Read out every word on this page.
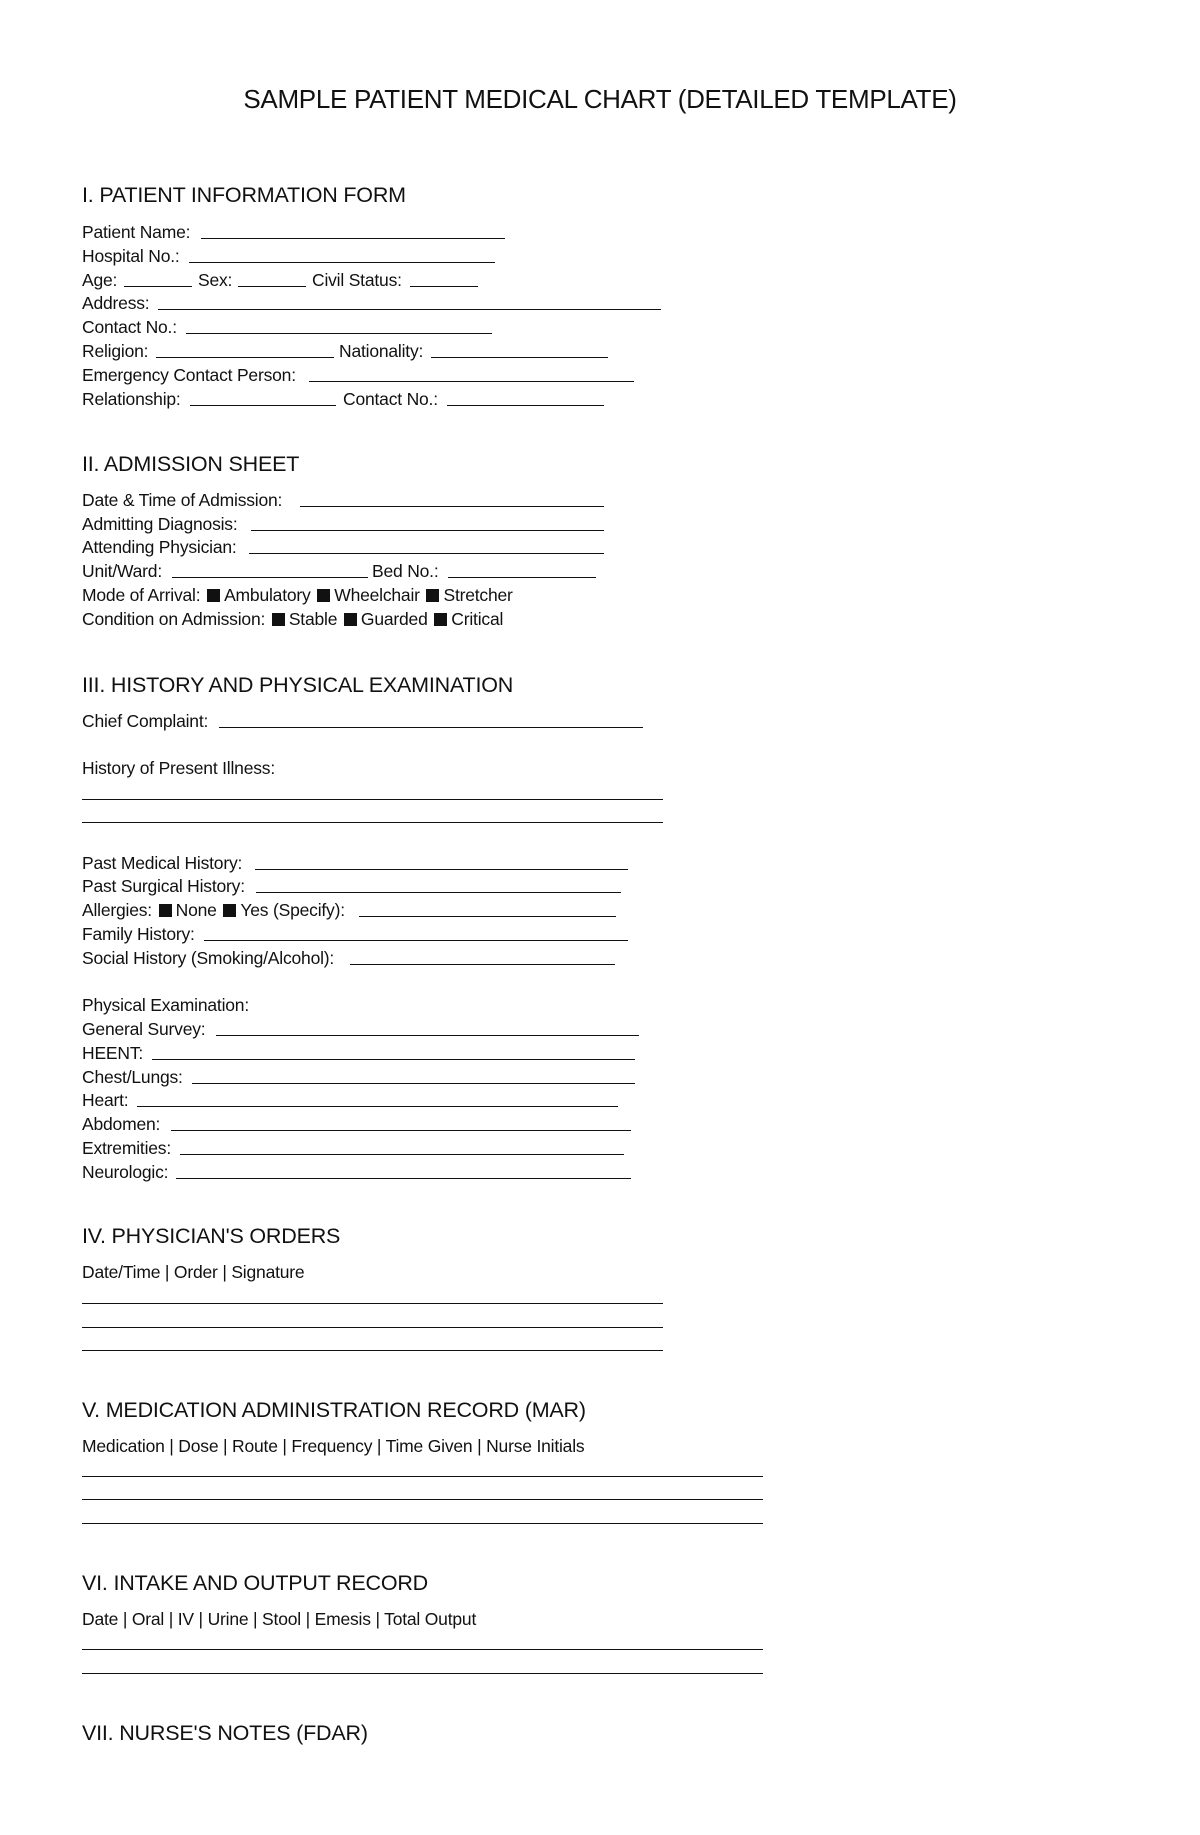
SAMPLE PATIENT MEDICAL CHART (DETAILED TEMPLATE)
I. PATIENT INFORMATION FORM
Patient Name:
Hospital No.:
Age:	Sex:	Civil Status:
Address:
Contact No.:
Religion:	Nationality:
Emergency Contact Person:
Relationship:	Contact No.:
II. ADMISSION SHEET
Date & Time of Admission:
Admitting Diagnosis:
Attending Physician:
Unit/Ward:	Bed No.:
Mode of Arrival: Ambulatory Wheelchair Stretcher
Condition on Admission: Stable Guarded Critical
III. HISTORY AND PHYSICAL EXAMINATION
Chief Complaint:
History of Present Illness:
Past Medical History:
Past Surgical History:
Allergies: None Yes (Specify):
Family History:
Social History (Smoking/Alcohol):
Physical Examination:
General Survey:
HEENT:
Chest/Lungs:
Heart:
Abdomen:
Extremities:
Neurologic:
IV. PHYSICIAN'S ORDERS
Date/Time | Order | Signature
V. MEDICATION ADMINISTRATION RECORD (MAR)
Medication | Dose | Route | Frequency | Time Given | Nurse Initials
VI. INTAKE AND OUTPUT RECORD
Date | Oral | IV | Urine | Stool | Emesis | Total Output
VII. NURSE'S NOTES (FDAR)
